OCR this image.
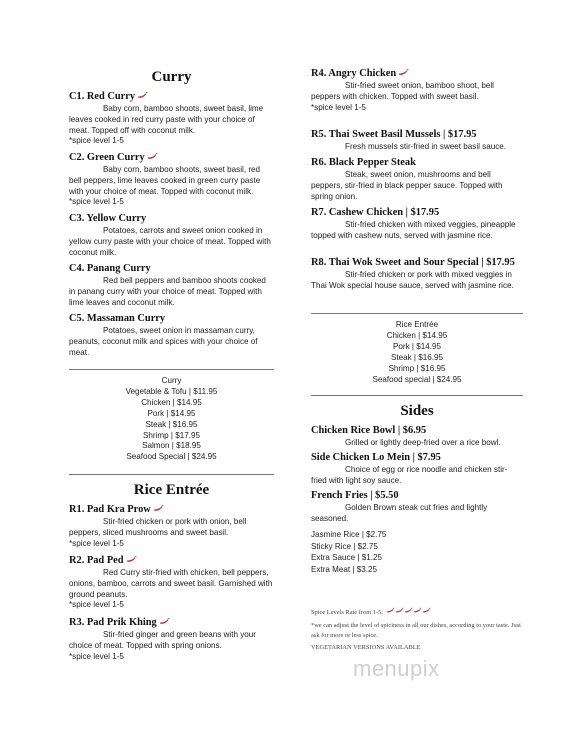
Curry
C1. Red Curry
Baby corn, bamboo shoots, sweet basil, lime leaves cooked in red curry paste with your choice of meat. Topped off with coconut milk.
*spice level 1-5
C2. Green Curry
Baby corn, bamboo shoots, sweet basil, red bell peppers, lime leaves cooked in green curry paste with your choice of meat. Topped with coconut milk.
*spice level 1-5
C3. Yellow Curry
Potatoes, carrots and sweet onion cooked in yellow curry paste with your choice of meat. Topped with coconut milk.
C4. Panang Curry
Red bell peppers and bamboo shoots cooked in panang curry with your choice of meat. Topped with lime leaves and coconut milk.
C5. Massaman Curry
Potatoes, sweet onion in massaman curry, peanuts, coconut milk and spices with your choice of meat.
Curry
Vegetable & Tofu | $11.95
Chicken | $14.95
Pork | $14.95
Steak | $16.95
Shrimp | $17.95
Salmon | $18.95
Seafood Special | $24.95
Rice Entrée
R1. Pad Kra Prow
Stir-fried chicken or pork with onion, bell peppers, sliced mushrooms and sweet basil.
*spice level 1-5
R2. Pad Ped
Red Curry stir-fried with chicken, bell peppers, onions, bamboo, carrots and sweet basil. Garnished with ground peanuts.
*spice level 1-5
R3. Pad Prik Khing
Stir-fried ginger and green beans with your choice of meat. Topped with spring onions.
*spice level 1-5
R4. Angry Chicken
Stir-fried sweet onion, bamboo shoot, bell peppers with chicken. Topped with sweet basil.
*spice level 1-5
R5. Thai Sweet Basil Mussels | $17.95
Fresh mussels stir-fried in sweet basil sauce.
R6. Black Pepper Steak
Steak, sweet onion, mushrooms and bell peppers, stir-fried in black pepper sauce. Topped with spring onion.
R7. Cashew Chicken | $17.95
Stir-fried chicken with mixed veggies, pineapple topped with cashew nuts, served with jasmine rice.
R8. Thai Wok Sweet and Sour Special | $17.95
Stir-fried chicken or pork with mixed veggies in Thai Wok special house sauce, served with jasmine rice.
Rice Entrée
Chicken | $14.95
Pork | $14.95
Steak | $16.95
Shrimp | $16.95
Seafood special | $24.95
Sides
Chicken Rice Bowl | $6.95
Grilled or lightly deep-fried over a rice bowl.
Side Chicken Lo Mein | $7.95
Choice of egg or rice noodle and chicken stir-fried with light soy sauce.
French Fries | $5.50
Golden Brown steak cut fries and lightly seasoned.
Jasmine Rice | $2.75
Sticky Rice | $2.75
Extra Sauce | $1.25
Extra Meat | $3.25
Spice Levels Rate from 1-5.
*we can adjust the level of spiciness in all our dishes, according to your taste. Just ask for more or less spice.
VEGETARIAN VERSIONS AVAILABLE
menupix
